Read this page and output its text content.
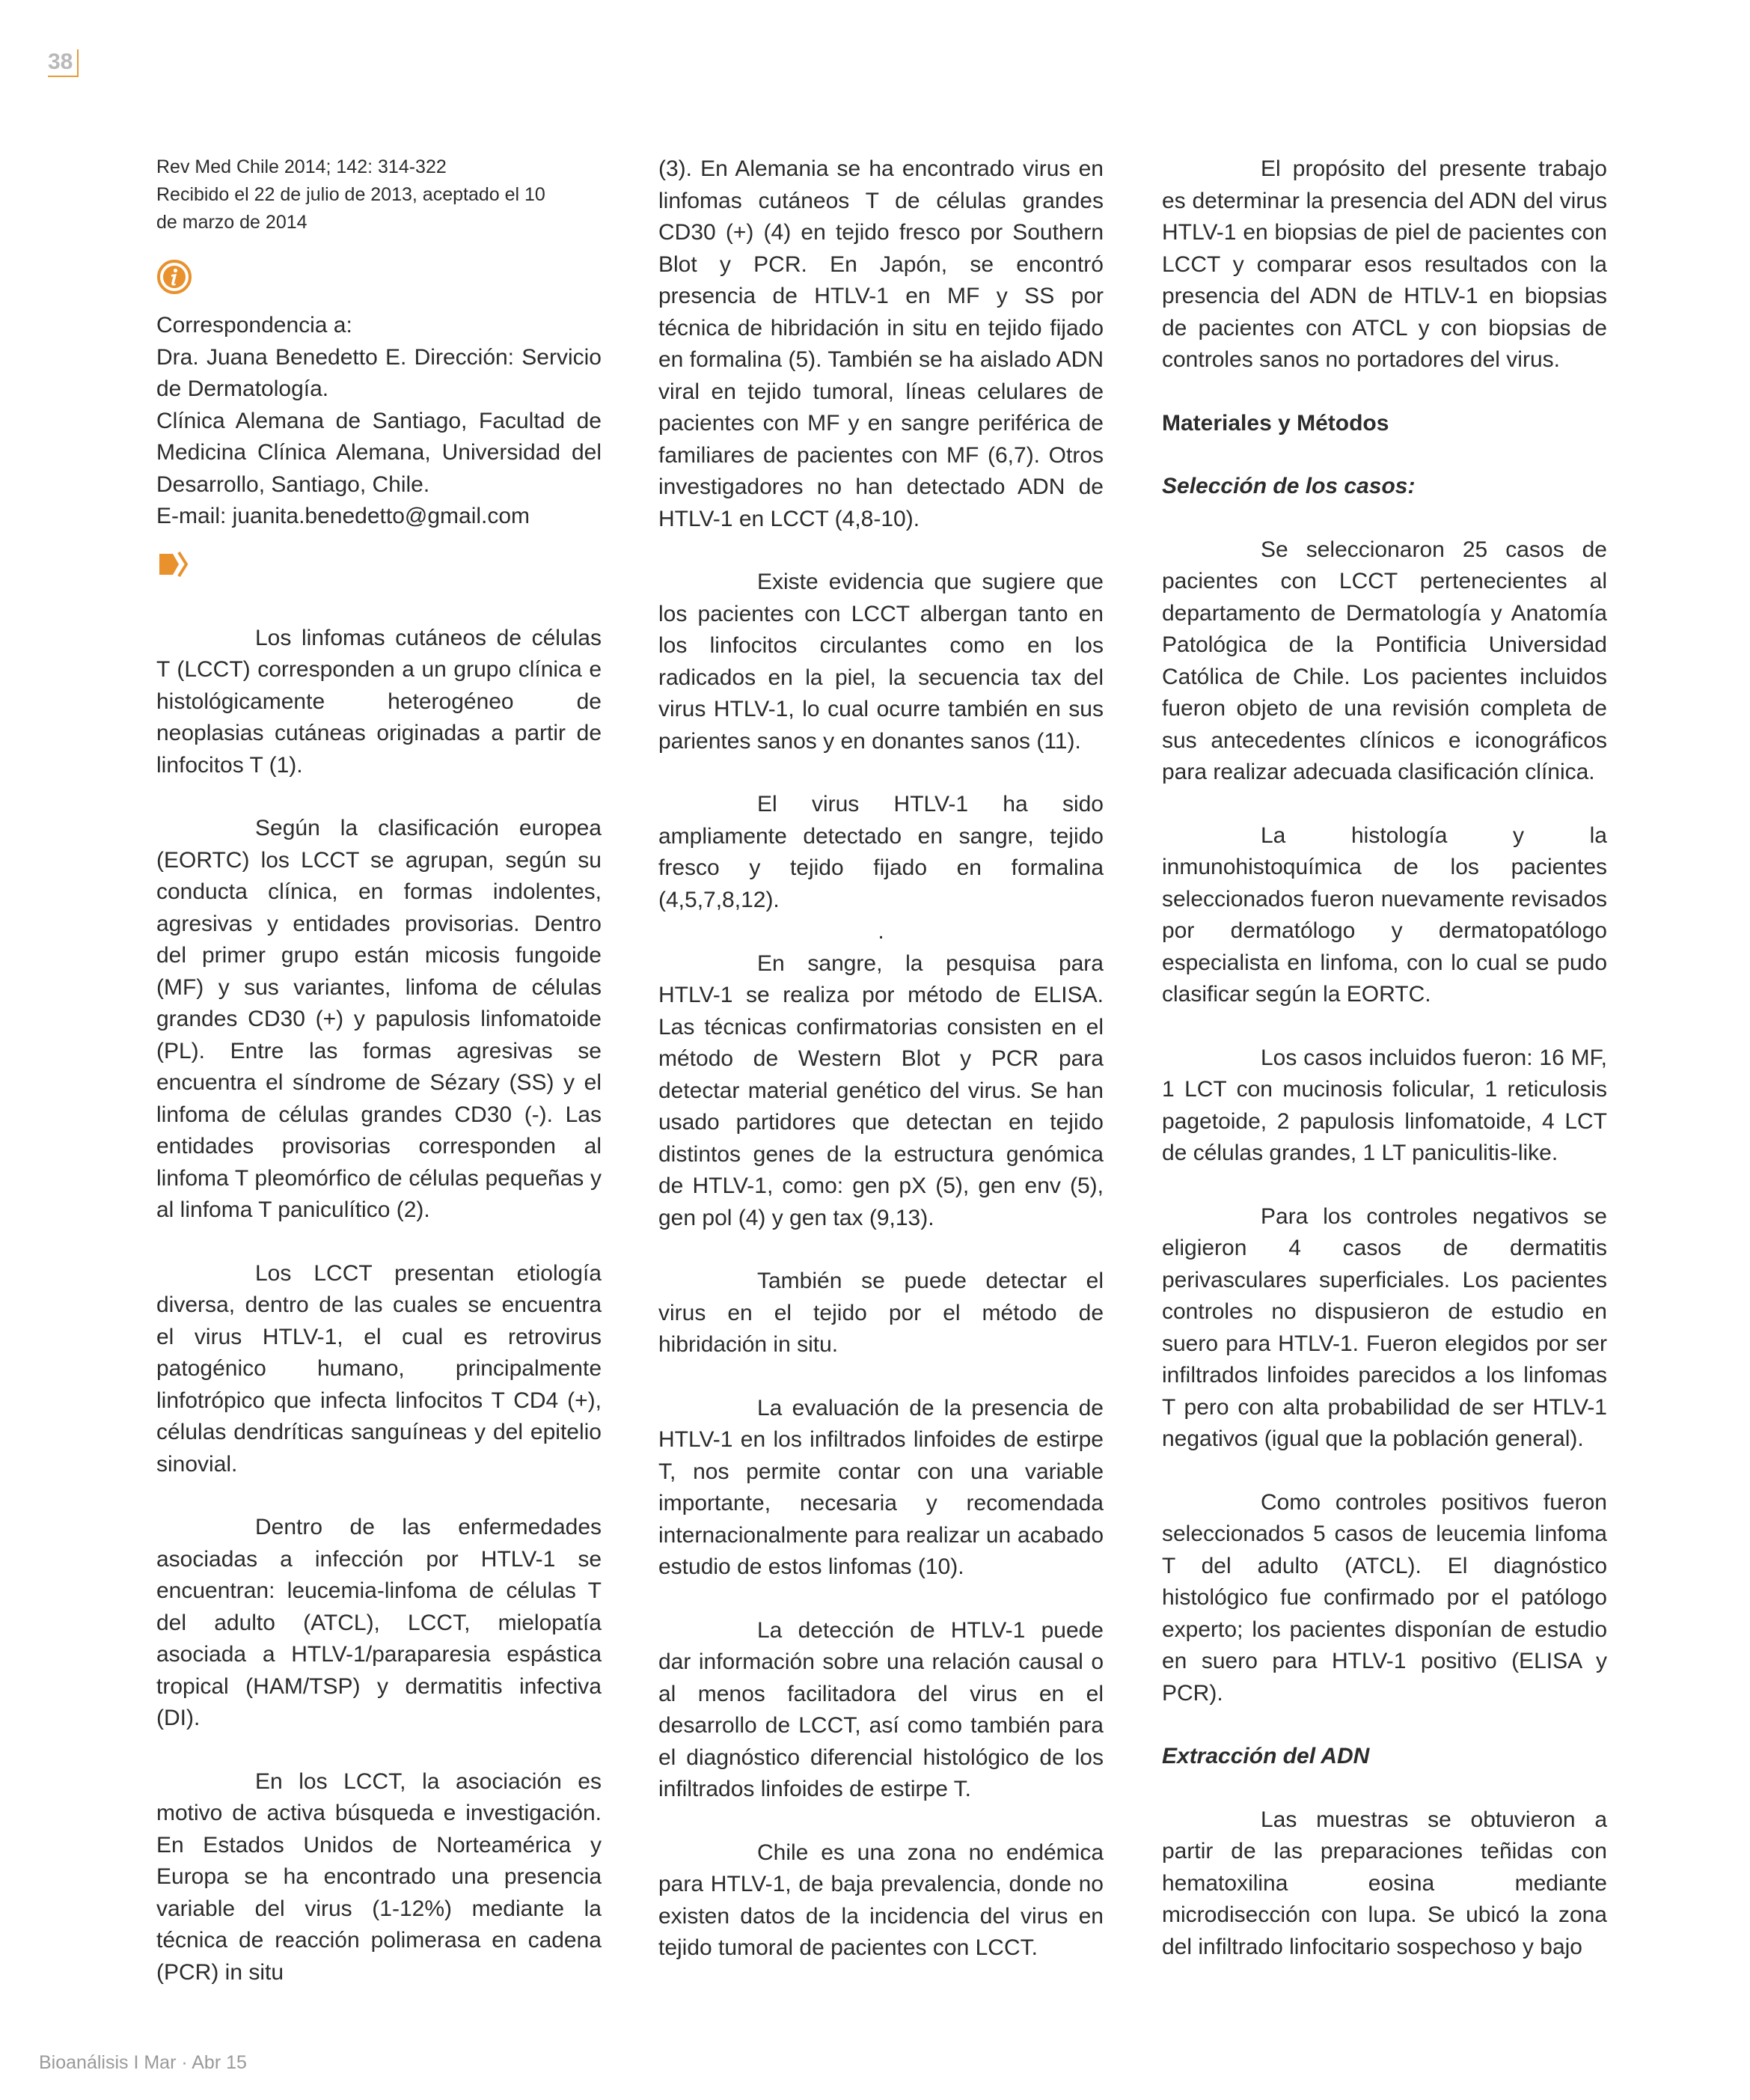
38
Rev Med Chile 2014; 142: 314-322
Recibido el 22 de julio de 2013, aceptado el 10
de marzo de 2014
Correspondencia a:
Dra. Juana Benedetto E. Dirección: Servicio de Dermatología.
Clínica Alemana de Santiago, Facultad de Medicina Clínica Alemana, Universidad del Desarrollo, Santiago, Chile.
E-mail: juanita.benedetto@gmail.com

Los linfomas cutáneos de células T (LCCT) corresponden a un grupo clínica e histológicamente heterogéneo de neoplasias cutáneas originadas a partir de linfocitos T (1).

Según la clasificación europea (EORTC) los LCCT se agrupan, según su conducta clínica, en formas indolentes, agresivas y entidades provisorias. Dentro del primer grupo están micosis fungoide (MF) y sus variantes, linfoma de células grandes CD30 (+) y papulosis linfomatoide (PL). Entre las formas agresivas se encuentra el síndrome de Sézary (SS) y el linfoma de células grandes CD30 (-). Las entidades provisorias corresponden al linfoma T pleomórfico de células pequeñas y al linfoma T paniculítico (2).

Los LCCT presentan etiología diversa, dentro de las cuales se encuentra el virus HTLV-1, el cual es retrovirus patogénico humano, principalmente linfotrópico que infecta linfocitos T CD4 (+), células dendríticas sanguíneas y del epitelio sinovial.

Dentro de las enfermedades asociadas a infección por HTLV-1 se encuentran: leucemia-linfoma de células T del adulto (ATCL), LCCT, mielopatía asociada a HTLV-1/paraparesia espástica tropical (HAM/TSP) y dermatitis infectiva (DI).

En los LCCT, la asociación es motivo de activa búsqueda e investigación. En Estados Unidos de Norteamérica y Europa se ha encontrado una presencia variable del virus (1-12%) mediante la técnica de reacción polimerasa en cadena (PCR) in situ

(3). En Alemania se ha encontrado virus en linfomas cutáneos T de células grandes CD30 (+) (4) en tejido fresco por Southern Blot y PCR. En Japón, se encontró presencia de HTLV-1 en MF y SS por técnica de hibridación in situ en tejido fijado en formalina (5). También se ha aislado ADN viral en tejido tumoral, líneas celulares de pacientes con MF y en sangre periférica de familiares de pacientes con MF (6,7). Otros investigadores no han detectado ADN de HTLV-1 en LCCT (4,8-10).

Existe evidencia que sugiere que los pacientes con LCCT albergan tanto en los linfocitos circulantes como en los radicados en la piel, la secuencia tax del virus HTLV-1, lo cual ocurre también en sus parientes sanos y en donantes sanos (11).

El virus HTLV-1 ha sido ampliamente detectado en sangre, tejido fresco y tejido fijado en formalina (4,5,7,8,12).

.

En sangre, la pesquisa para HTLV-1 se realiza por método de ELISA. Las técnicas confirmatorias consisten en el método de Western Blot y PCR para detectar material genético del virus. Se han usado partidores que detectan en tejido distintos genes de la estructura genómica de HTLV-1, como: gen pX (5), gen env (5), gen pol (4) y gen tax (9,13).

También se puede detectar el virus en el tejido por el método de hibridación in situ.

La evaluación de la presencia de HTLV-1 en los infiltrados linfoides de estirpe T, nos permite contar con una variable importante, necesaria y recomendada internacionalmente para realizar un acabado estudio de estos linfomas (10).

La detección de HTLV-1 puede dar información sobre una relación causal o al menos facilitadora del virus en el desarrollo de LCCT, así como también para el diagnóstico diferencial histológico de los infiltrados linfoides de estirpe T.

Chile es una zona no endémica para HTLV-1, de baja prevalencia, donde no existen datos de la incidencia del virus en tejido tumoral de pacientes con LCCT.

El propósito del presente trabajo es determinar la presencia del ADN del virus HTLV-1 en biopsias de piel de pacientes con LCCT y comparar esos resultados con la presencia del ADN de HTLV-1 en biopsias de pacientes con ATCL y con biopsias de controles sanos no portadores del virus.

Materiales y Métodos

Selección de los casos:

Se seleccionaron 25 casos de pacientes con LCCT pertenecientes al departamento de Dermatología y Anatomía Patológica de la Pontificia Universidad Católica de Chile. Los pacientes incluidos fueron objeto de una revisión completa de sus antecedentes clínicos e iconográficos para realizar adecuada clasificación clínica.

La histología y la inmunohistoquímica de los pacientes seleccionados fueron nuevamente revisados por dermatólogo y dermatopatólogo especialista en linfoma, con lo cual se pudo clasificar según la EORTC.

Los casos incluidos fueron: 16 MF, 1 LCT con mucinosis folicular, 1 reticulosis pagetoide, 2 papulosis linfomatoide, 4 LCT de células grandes, 1 LT paniculitis-like.

Para los controles negativos se eligieron 4 casos de dermatitis perivasculares superficiales. Los pacientes controles no dispusieron de estudio en suero para HTLV-1. Fueron elegidos por ser infiltrados linfoides parecidos a los linfomas T pero con alta probabilidad de ser HTLV-1 negativos (igual que la población general).

Como controles positivos fueron seleccionados 5 casos de leucemia linfoma T del adulto (ATCL). El diagnóstico histológico fue confirmado por el patólogo experto; los pacientes disponían de estudio en suero para HTLV-1 positivo (ELISA y PCR).

Extracción del ADN

Las muestras se obtuvieron a partir de las preparaciones teñidas con hematoxilina eosina mediante microdisección con lupa. Se ubicó la zona del infiltrado linfocitario sospechoso y bajo

Bioanálisis I Mar · Abr 15
